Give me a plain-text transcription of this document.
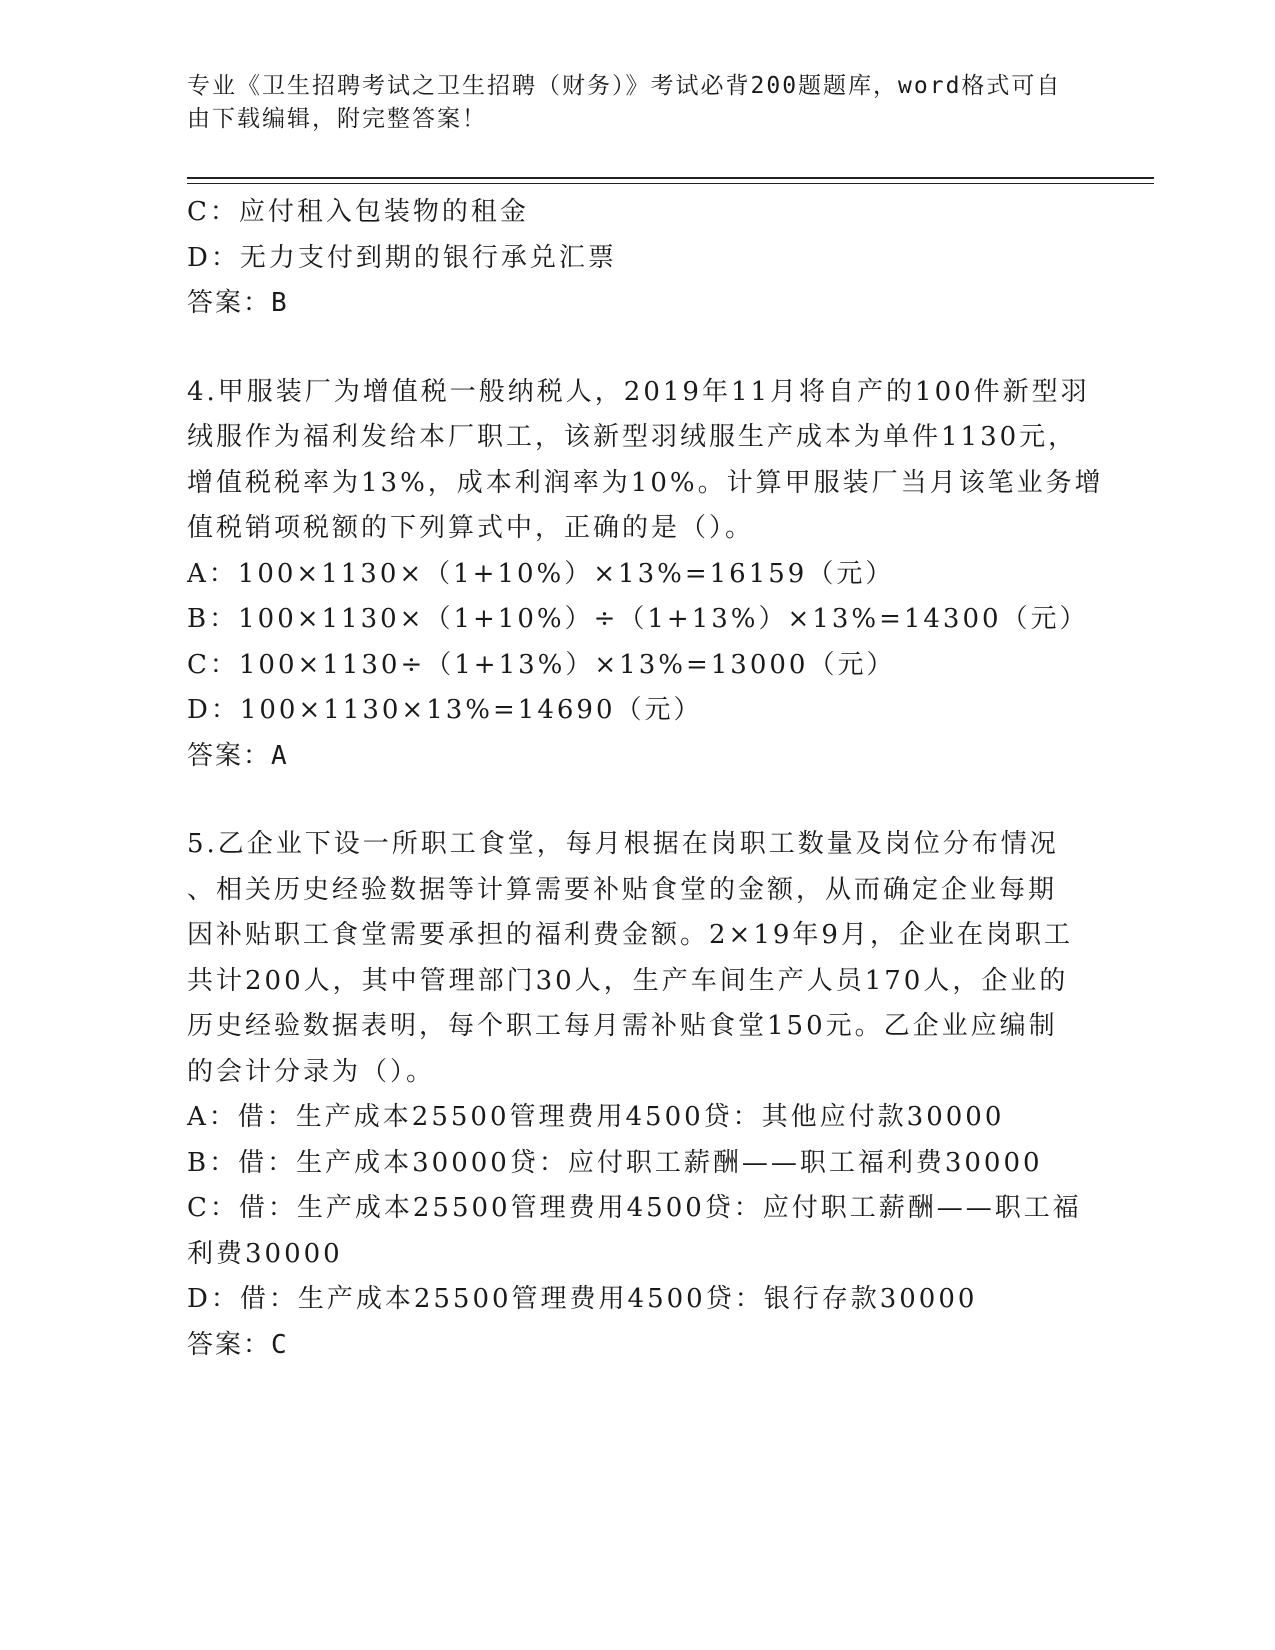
专业《卫生招聘考试之卫生招聘（财务）》考试必背200题题库，word格式可自
由下载编辑，附完整答案！
C：应付租入包装物的租金
D：无力支付到期的银行承兑汇票
答案：B
4.甲服装厂为增值税一般纳税人，2019年11月将自产的100件新型羽
绒服作为福利发给本厂职工，该新型羽绒服生产成本为单件1130元，
增值税税率为13%，成本利润率为10%。计算甲服装厂当月该笔业务增
值税销项税额的下列算式中，正确的是（）。
A：100×1130×（1+10%）×13%=16159（元）
B：100×1130×（1+10%）÷（1+13%）×13%=14300（元）
C：100×1130÷（1+13%）×13%=13000（元）
D：100×1130×13%=14690（元）
答案：A
5.乙企业下设一所职工食堂，每月根据在岗职工数量及岗位分布情况
、相关历史经验数据等计算需要补贴食堂的金额，从而确定企业每期
因补贴职工食堂需要承担的福利费金额。2×19年9月，企业在岗职工
共计200人，其中管理部门30人，生产车间生产人员170人，企业的
历史经验数据表明，每个职工每月需补贴食堂150元。乙企业应编制
的会计分录为（）。
A：借：生产成本25500管理费用4500贷：其他应付款30000
B：借：生产成本30000贷：应付职工薪酬——职工福利费30000
C：借：生产成本25500管理费用4500贷：应付职工薪酬——职工福
利费30000
D：借：生产成本25500管理费用4500贷：银行存款30000
答案：C
